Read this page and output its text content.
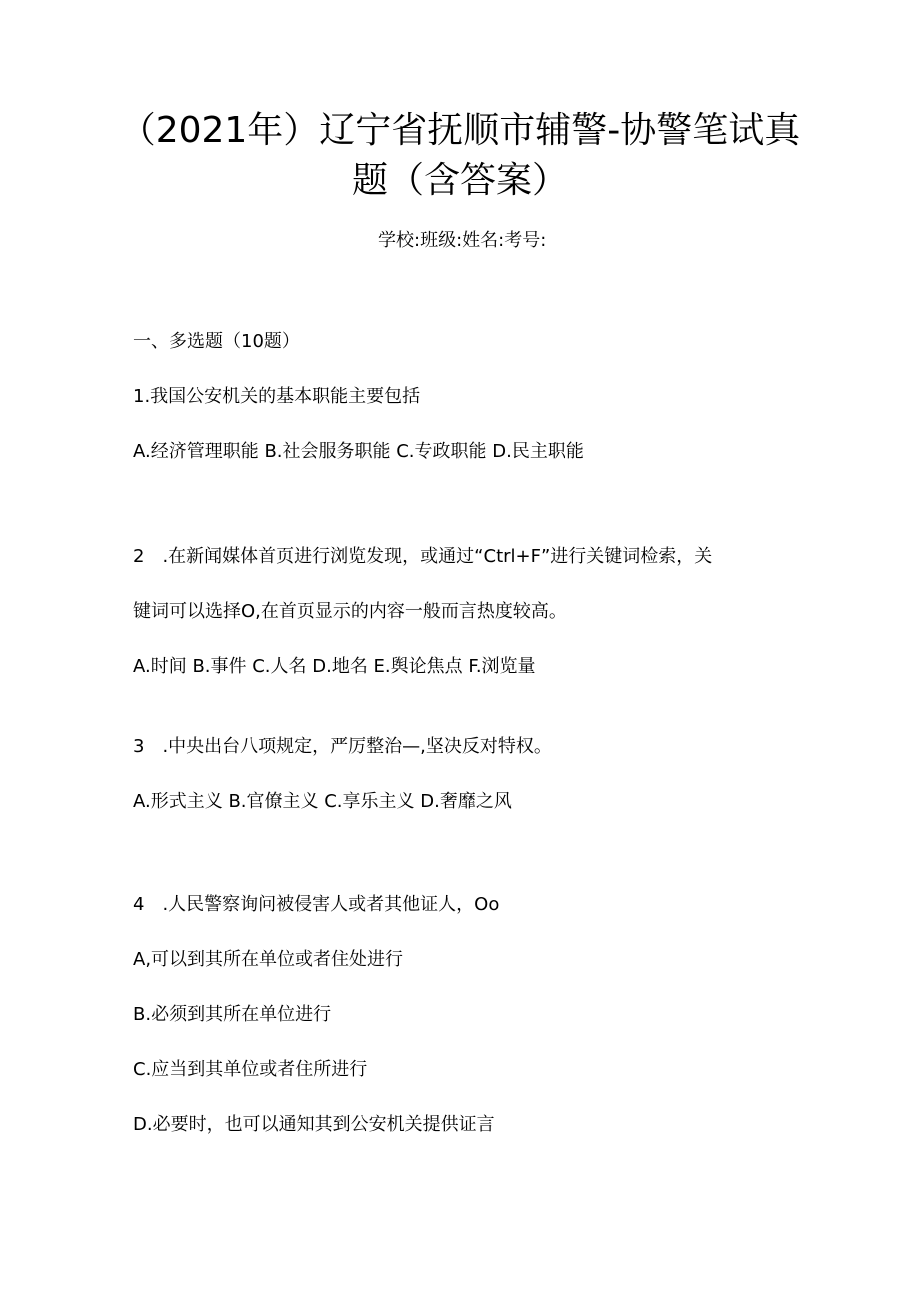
（2021年）辽宁省抚顺市辅警-协警笔试真
题（含答案）
学校:班级:姓名:考号:
一、多选题（10题）
1.我国公安机关的基本职能主要包括
A.经济管理职能 B.社会服务职能 C.专政职能 D.民主职能
2　.在新闻媒体首页进行浏览发现，或通过“Ctrl+F”进行关键词检索，关
键词可以选择O,在首页显示的内容一般而言热度较高。
A.时间 B.事件 C.人名 D.地名 E.舆论焦点 F.浏览量
3　.中央出台八项规定，严厉整治—,坚决反对特权。
A.形式主义 B.官僚主义 C.享乐主义 D.奢靡之风
4　.人民警察询问被侵害人或者其他证人，Oo
A,可以到其所在单位或者住处进行
B.必须到其所在单位进行
C.应当到其单位或者住所进行
D.必要时，也可以通知其到公安机关提供证言
